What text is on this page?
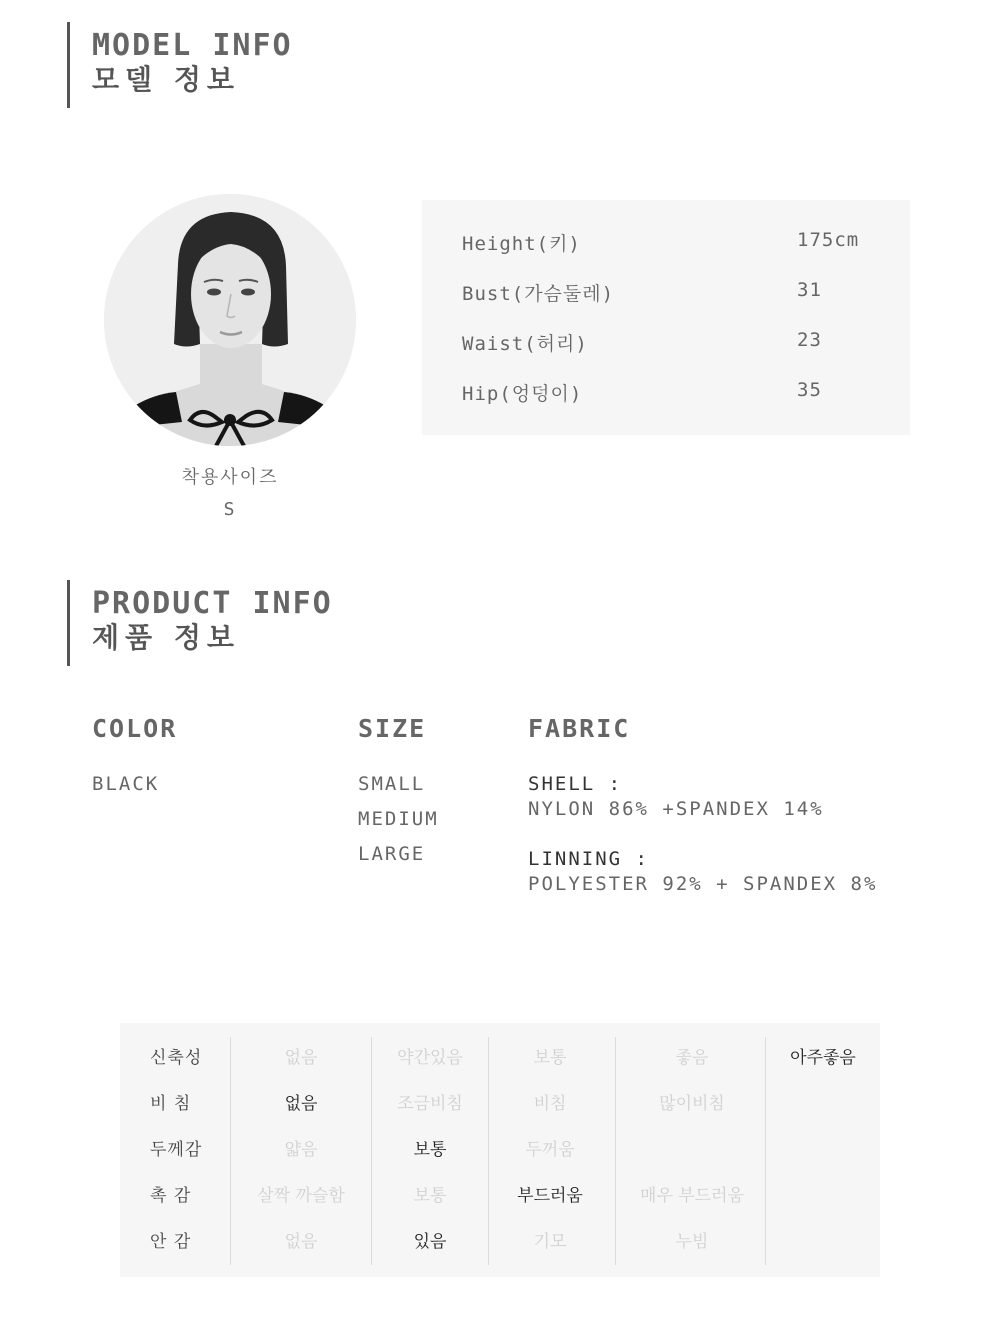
MODEL INFO
모델 정보
착용사이즈
S
Height(키)	175cm
Bust(가슴둘레)	31
Waist(허리)	23
Hip(엉덩이)	35
PRODUCT INFO
제품 정보
COLOR
BLACK
SIZE
SMALL
MEDIUM
LARGE
FABRIC
SHELL :
NYLON 86% +SPANDEX 14%
LINNING :
POLYESTER 92% + SPANDEX 8%
신축성	없음	약간있음	보통	좋음	아주좋음
비 침	없음	조금비침	비침	많이비침
두께감	얇음	보통	두꺼움
촉 감	살짝 까슬함	보통	부드러움	매우 부드러움
안 감	없음	있음	기모	누빔
